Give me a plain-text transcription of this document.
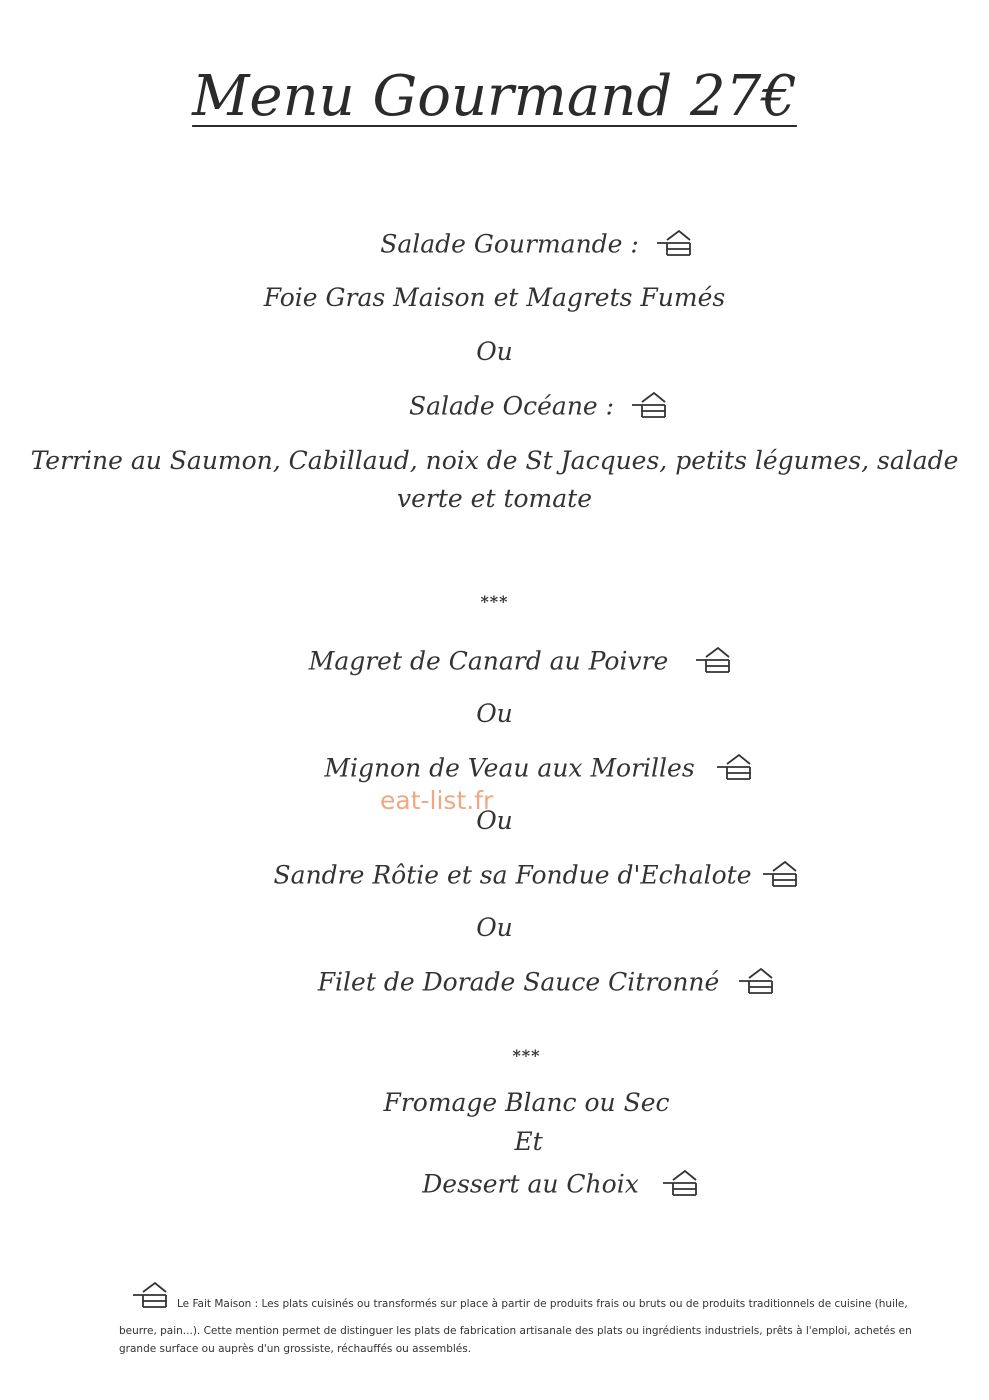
Menu Gourmand 27€
Salade Gourmande :
Foie Gras Maison et Magrets Fumés
Ou
Salade Océane :
Terrine au Saumon, Cabillaud, noix de St Jacques, petits légumes, salade
verte et tomate
***
Magret de Canard au Poivre
Ou
Mignon de Veau aux Morilles
Ou
Sandre Rôtie et sa Fondue d'Echalote
Ou
Filet de Dorade Sauce Citronné
***
Fromage Blanc ou Sec
Et
Dessert au Choix
eat-list.fr
Le Fait Maison : Les plats cuisinés ou transformés sur place à partir de produits frais ou bruts ou de produits traditionnels de cuisine (huile, beurre, pain...). Cette mention permet de distinguer les plats de fabrication artisanale des plats ou ingrédients industriels, prêts à l'emploi, achetés en grande surface ou auprès d'un grossiste, réchauffés ou assemblés.
